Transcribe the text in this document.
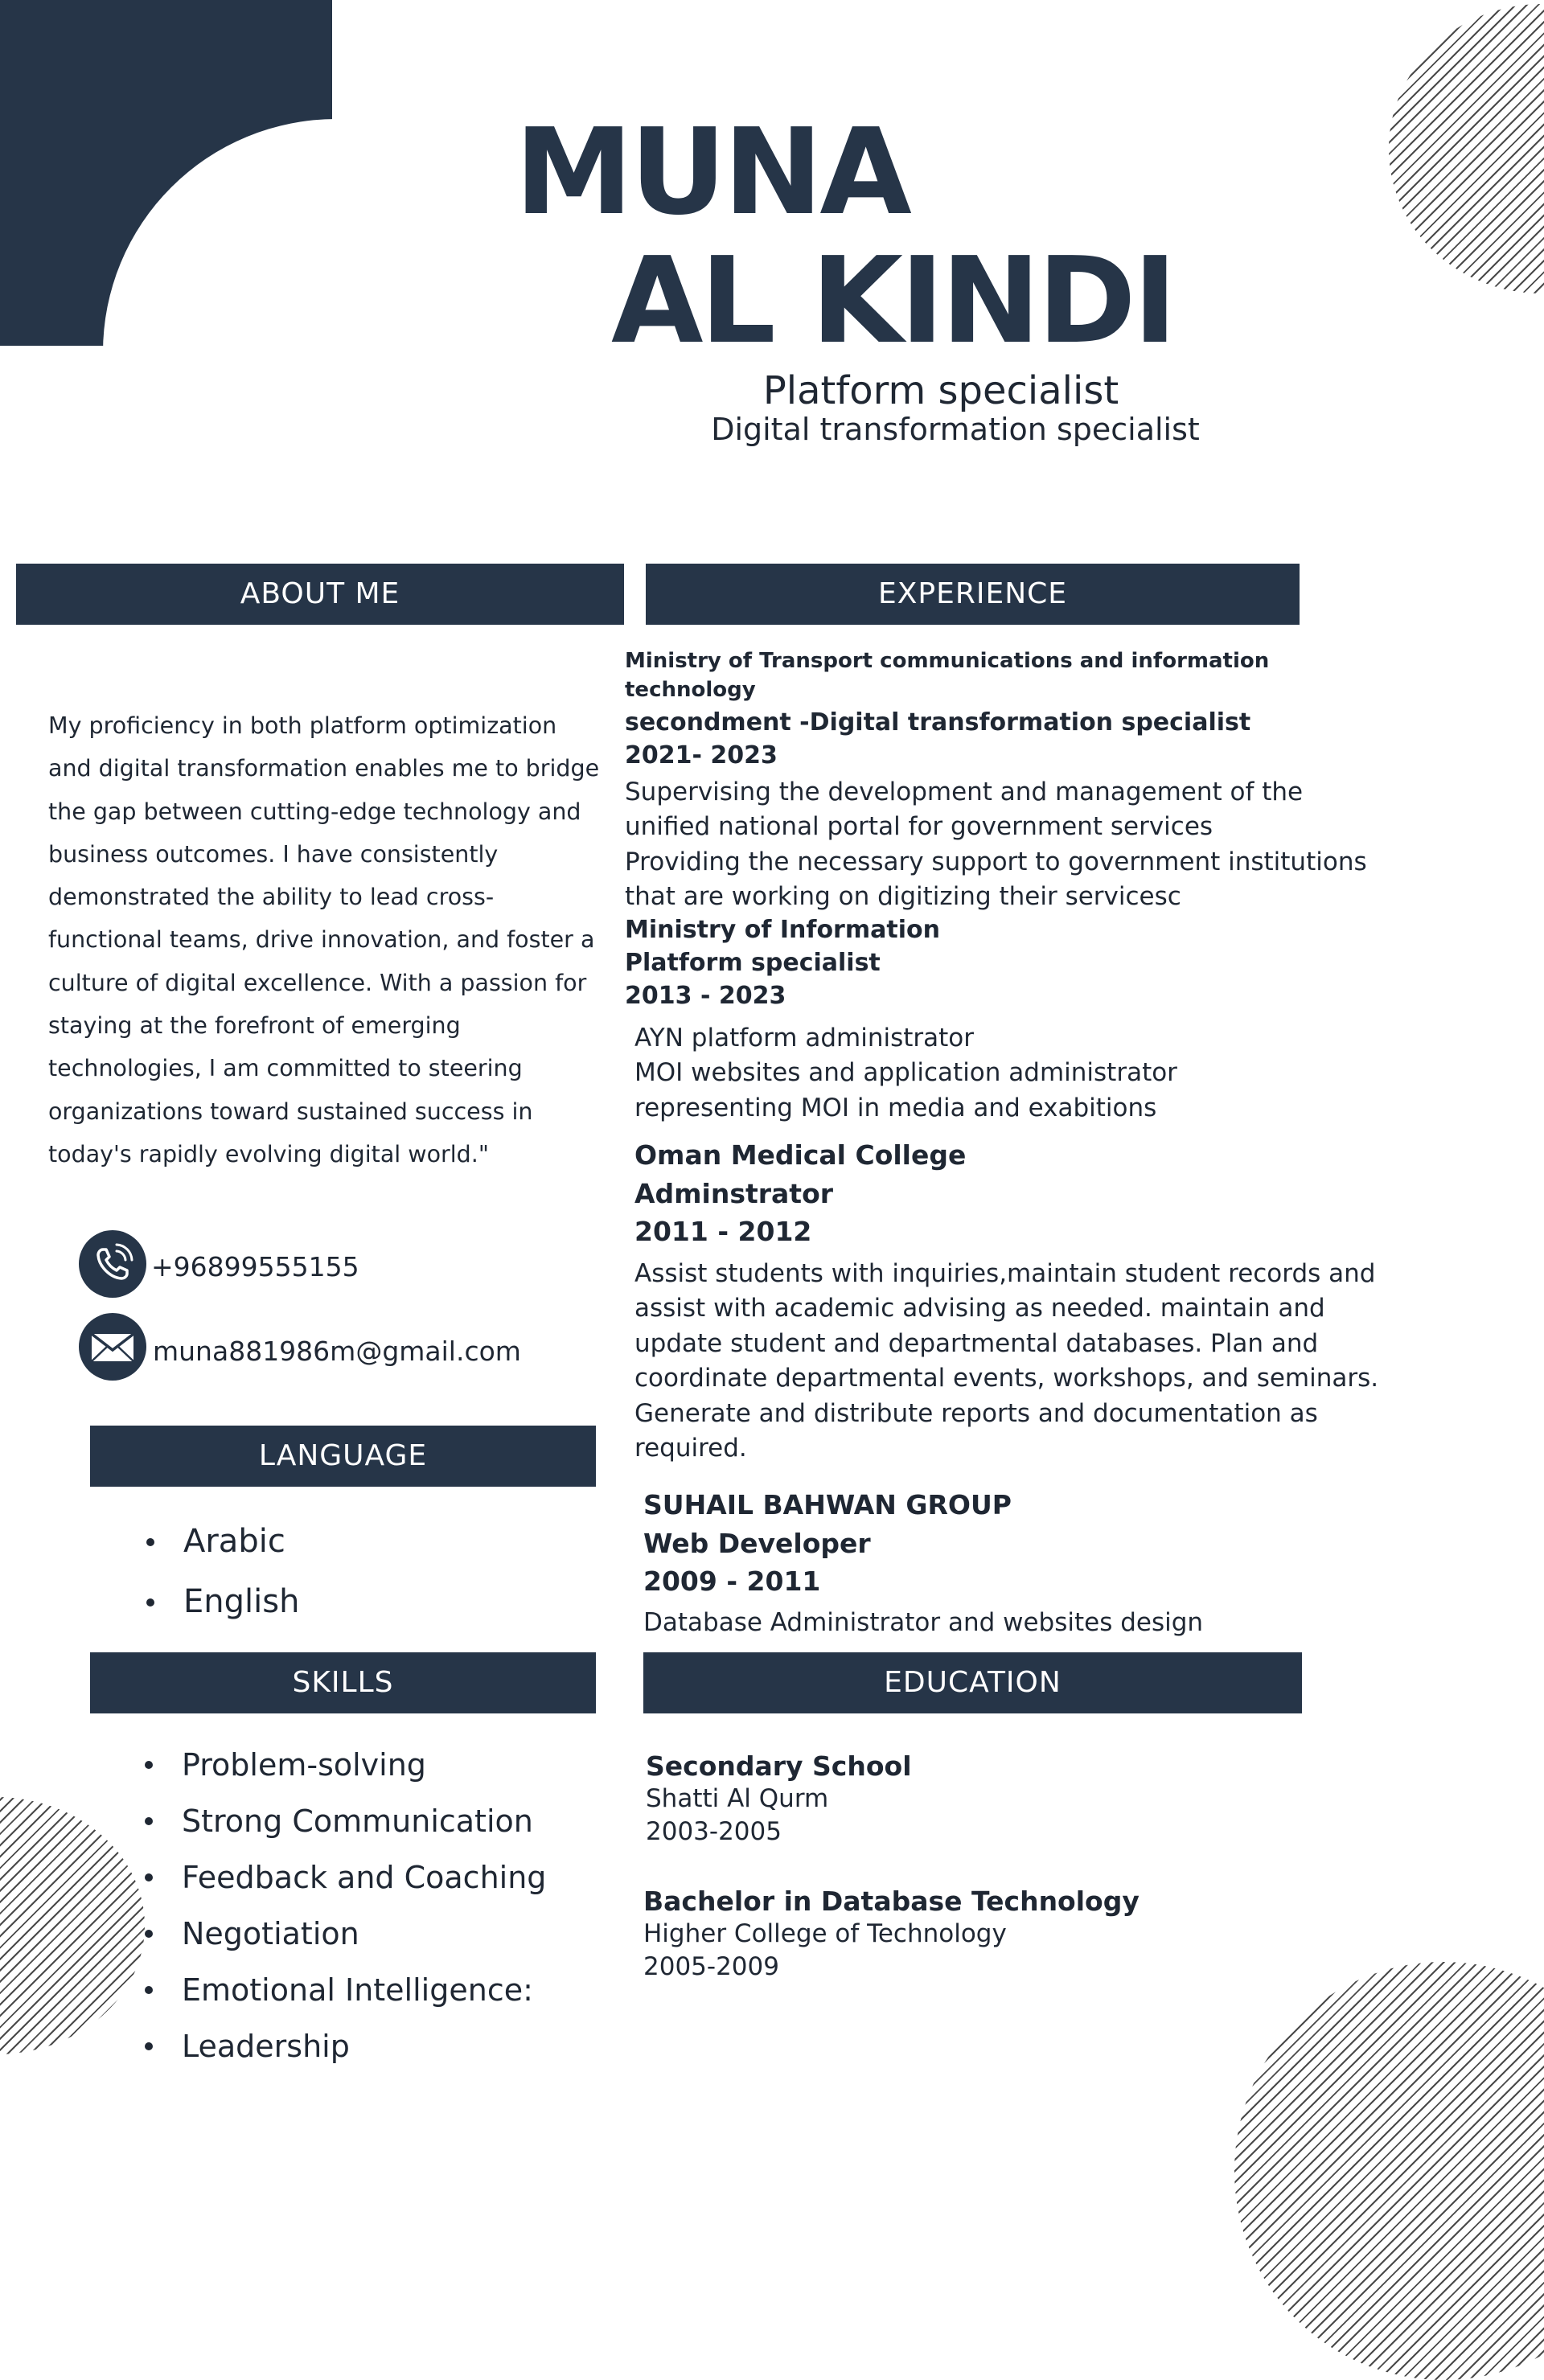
MUNA
AL KINDI
Platform specialist
Digital transformation specialist
ABOUT ME	EXPERIENCE
LANGUAGE
SKILLS	EDUCATION
My proficiency in both platform optimization
and digital transformation enables me to bridge
the gap between cutting-edge technology and
business outcomes. I have consistently
demonstrated the ability to lead cross-
functional teams, drive innovation, and foster a
culture of digital excellence. With a passion for
staying at the forefront of emerging
technologies, I am committed to steering
organizations toward sustained success in
today's rapidly evolving digital world."
+96899555155
muna881986m@gmail.com
Arabic
English
Problem-solving
Strong Communication
Feedback and Coaching
Negotiation
Emotional Intelligence:
Leadership
Ministry of Transport communications and information
technology
secondment -Digital transformation specialist
2021- 2023
Supervising the development and management of the
unified national portal for government services
Providing the necessary support to government institutions
that are working on digitizing their servicesc
Ministry of Information
Platform specialist
2013 - 2023
AYN platform administrator
MOI websites and application administrator
representing MOI in media and exabitions
Oman Medical College
Adminstrator
2011 - 2012
Assist students with inquiries,maintain student records and
assist with academic advising as needed. maintain and
update student and departmental databases. Plan and
coordinate departmental events, workshops, and seminars.
Generate and distribute reports and documentation as
required.
SUHAIL BAHWAN GROUP
Web Developer
2009 - 2011
Database Administrator and websites design
Secondary School
Shatti Al Qurm
2003-2005
Bachelor in Database Technology
Higher College of Technology
2005-2009
